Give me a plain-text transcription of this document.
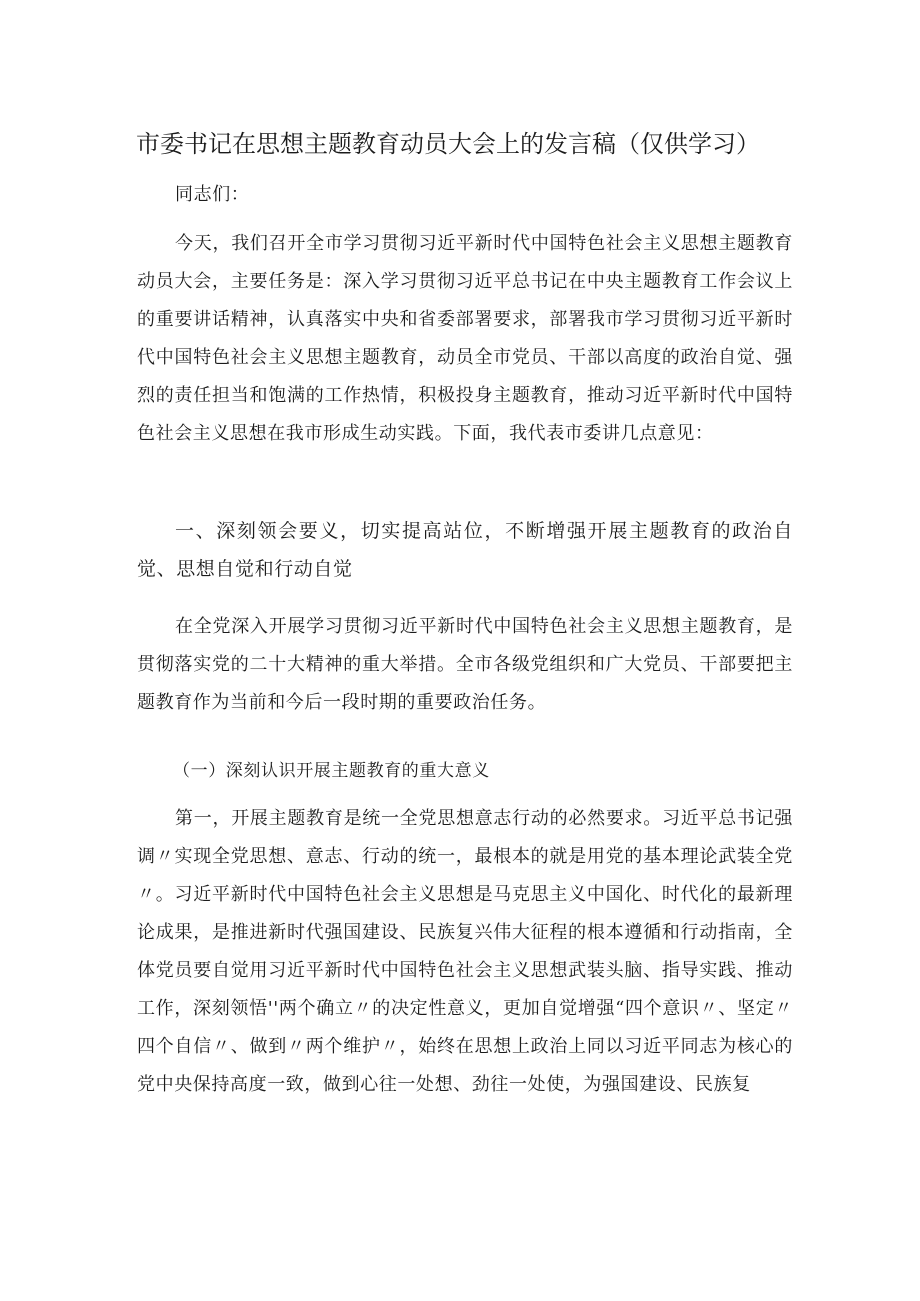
市委书记在思想主题教育动员大会上的发言稿（仅供学习）

同志们：

今天，我们召开全市学习贯彻习近平新时代中国特色社会主义思想主题教育动员大会，主要任务是：深入学习贯彻习近平总书记在中央主题教育工作会议上的重要讲话精神，认真落实中央和省委部署要求，部署我市学习贯彻习近平新时代中国特色社会主义思想主题教育，动员全市党员、干部以高度的政治自觉、强烈的责任担当和饱满的工作热情，积极投身主题教育，推动习近平新时代中国特色社会主义思想在我市形成生动实践。下面，我代表市委讲几点意见：

一、深刻领会要义，切实提高站位，不断增强开展主题教育的政治自觉、思想自觉和行动自觉

在全党深入开展学习贯彻习近平新时代中国特色社会主义思想主题教育，是贯彻落实党的二十大精神的重大举措。全市各级党组织和广大党员、干部要把主题教育作为当前和今后一段时期的重要政治任务。

（一）深刻认识开展主题教育的重大意义

第一，开展主题教育是统一全党思想意志行动的必然要求。习近平总书记强调〃实现全党思想、意志、行动的统一，最根本的就是用党的基本理论武装全党〃。习近平新时代中国特色社会主义思想是马克思主义中国化、时代化的最新理论成果，是推进新时代强国建设、民族复兴伟大征程的根本遵循和行动指南，全体党员要自觉用习近平新时代中国特色社会主义思想武装头脑、指导实践、推动工作，深刻领悟''两个确立〃的决定性意义，更加自觉增强“四个意识〃、坚定〃四个自信〃、做到〃两个维护〃，始终在思想上政治上同以习近平同志为核心的党中央保持高度一致，做到心往一处想、劲往一处使，为强国建设、民族复
